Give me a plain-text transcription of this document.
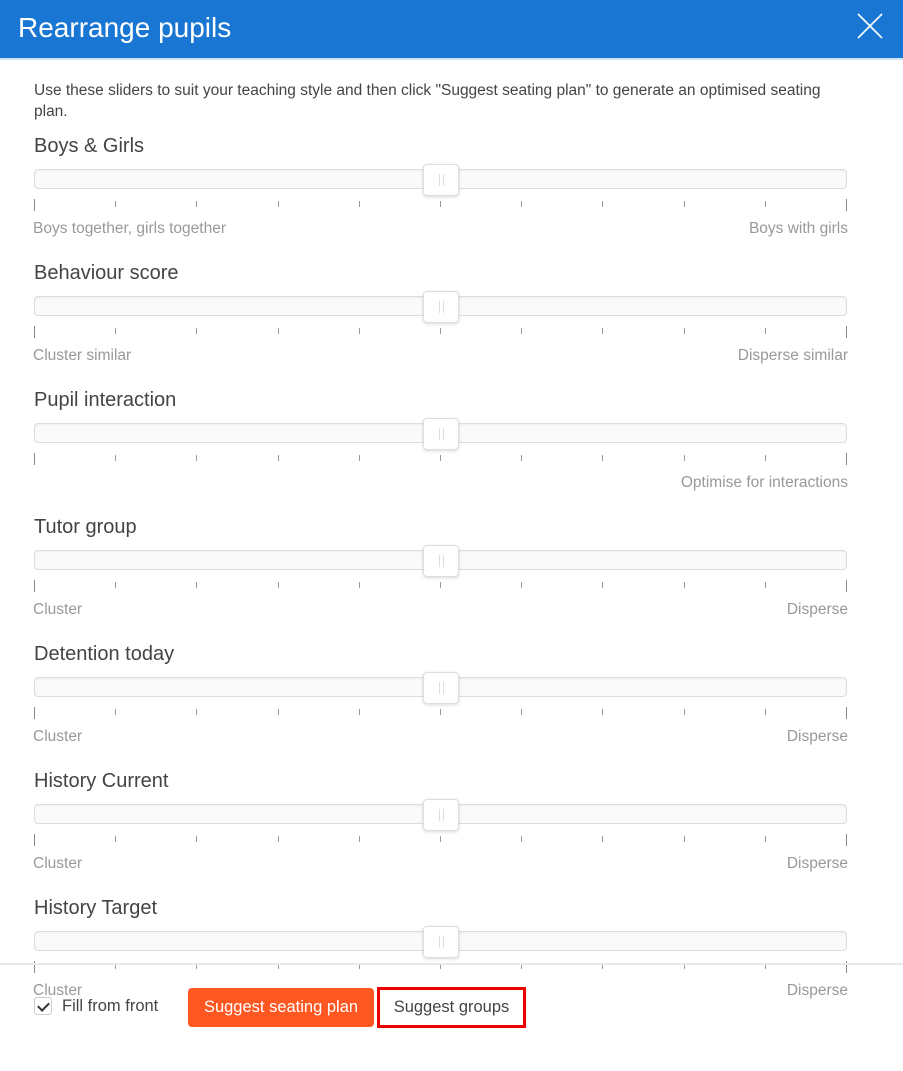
Rearrange pupils
Use these sliders to suit your teaching style and then click "Suggest seating plan" to generate an optimised seating plan.
Boys & Girls
Boys together, girls together	Boys with girls
Behaviour score
Cluster similar	Disperse similar
Pupil interaction
Optimise for interactions
Tutor group
Cluster	Disperse
Detention today
Cluster	Disperse
History Current
Cluster	Disperse
History Target
Cluster	Disperse
Fill from front	Suggest seating plan	Suggest groups
